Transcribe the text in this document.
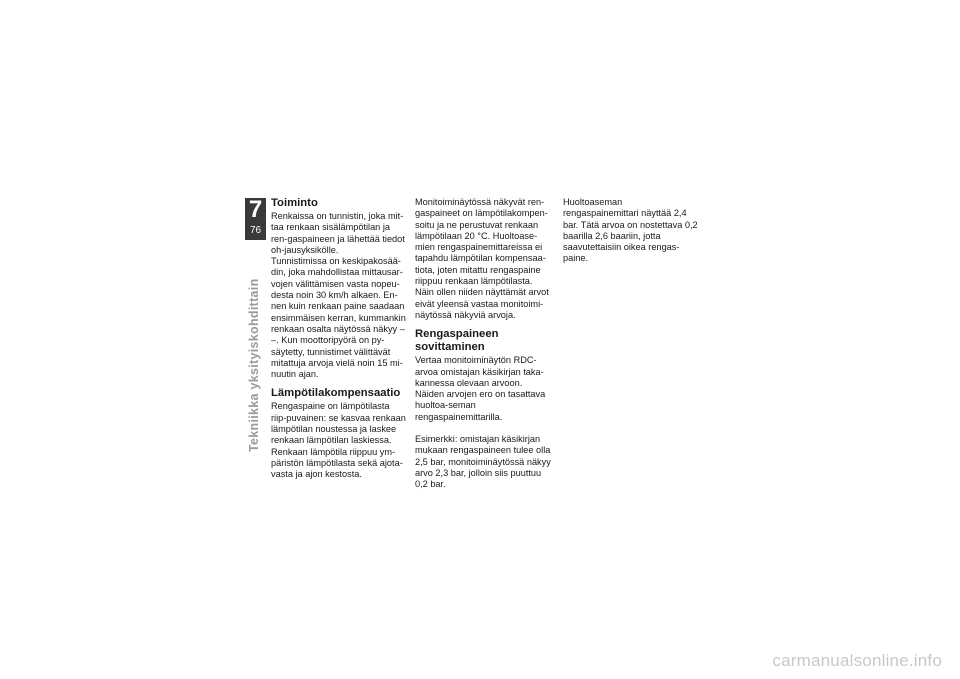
7
76
Tekniikka yksityiskohdittain
Toiminto

Renkaissa on tunnistin, joka mit-taa renkaan sisälämpötilan ja ren-gaspaineen ja lähettää tiedot oh-jausyksikölle.

Tunnistimissa on keskipakosää-din, joka mahdollistaa mittausar-vojen välittämisen vasta nopeu-desta noin 30 km/h alkaen. En-nen kuin renkaan paine saadaan ensimmäisen kerran, kummankin renkaan osalta näytössä näkyy – –. Kun moottoripyörä on py-säytetty, tunnistimet välittävät mitattuja arvoja vielä noin 15 mi-nuutin ajan.

Lämpötilakompensaatio

Rengaspaine on lämpötilasta riip-puvainen: se kasvaa renkaan lämpötilan noustessa ja laskee renkaan lämpötilan laskiessa. Renkaan lämpötila riippuu ym-päristön lämpötilasta sekä ajota-vasta ja ajon kestosta.

Monitoiminäytössä näkyvät ren-gaspaineet on lämpötilakompen-soitu ja ne perustuvat renkaan lämpötilaan 20 °C. Huoltoase-mien rengaspainemittareissa ei tapahdu lämpötilan kompensaa-tiota, joten mitattu rengaspaine riippuu renkaan lämpötilasta. Näin ollen niiden näyttämät arvot eivät yleensä vastaa monitoimi-näytössä näkyviä arvoja.

Rengaspaineen sovittaminen

Vertaa monitoiminäytön RDC-arvoa omistajan käsikirjan taka-kannessa olevaan arvoon. Näiden arvojen ero on tasattava huoltoa-seman rengaspainemittarilla.

Esimerkki: omistajan käsikirjan mukaan rengaspaineen tulee olla 2,5 bar, monitoiminäytössä näkyy arvo 2,3 bar, jolloin siis puuttuu 0,2 bar.

Huoltoaseman rengaspainemittari näyttää 2,4 bar. Tätä arvoa on nostettava 0,2 baarilla 2,6 baariin, jotta saavutettaisiin oikea rengas-paine.

carmanualsonline.info
